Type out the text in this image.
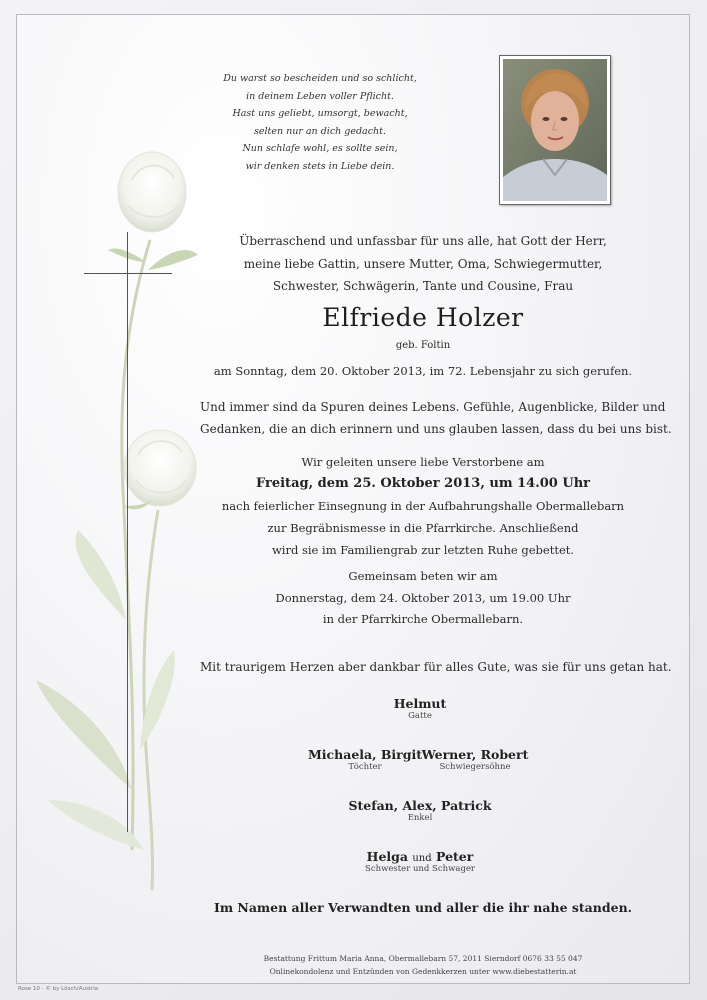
Du warst so bescheiden und so schlicht,
in deinem Leben voller Pflicht.
Hast uns geliebt, umsorgt, bewacht,
selten nur an dich gedacht.
Nun schlafe wohl, es sollte sein,
wir denken stets in Liebe dein.
Überraschend und unfassbar für uns alle, hat Gott der Herr,
meine liebe Gattin, unsere Mutter, Oma, Schwiegermutter,
Schwester, Schwägerin, Tante und Cousine, Frau
Elfriede Holzer
geb. Foltin
am Sonntag, dem 20. Oktober 2013, im 72. Lebensjahr zu sich gerufen.
Und immer sind da Spuren deines Lebens. Gefühle, Augenblicke, Bilder und
Gedanken, die an dich erinnern und uns glauben lassen, dass du bei uns bist.
Wir geleiten unsere liebe Verstorbene am
Freitag, dem 25. Oktober 2013, um 14.00 Uhr
nach feierlicher Einsegnung in der Aufbahrungshalle Obermallebarn
zur Begräbnismesse in die Pfarrkirche. Anschließend
wird sie im Familiengrab zur letzten Ruhe gebettet.
Gemeinsam beten wir am
Donnerstag, dem 24. Oktober 2013, um 19.00 Uhr
in der Pfarrkirche Obermallebarn.
Mit traurigem Herzen aber dankbar für alles Gute, was sie für uns getan hat.
Helmut
Gatte
Michaela, Birgit
Töchter
Werner, Robert
Schwiegersöhne
Stefan, Alex, Patrick
Enkel
Helga und Peter
Schwester und Schwager
Im Namen aller Verwandten und aller die ihr nahe standen.
Bestattung Frittum Maria Anna, Obermallebarn 57, 2011 Sierndorf 0676 33 55 047
Onlinekondolenz und Entzünden von Gedenkkerzen unter www.diebestatterin.at
Rose 10 - © by Lösch/Austria
